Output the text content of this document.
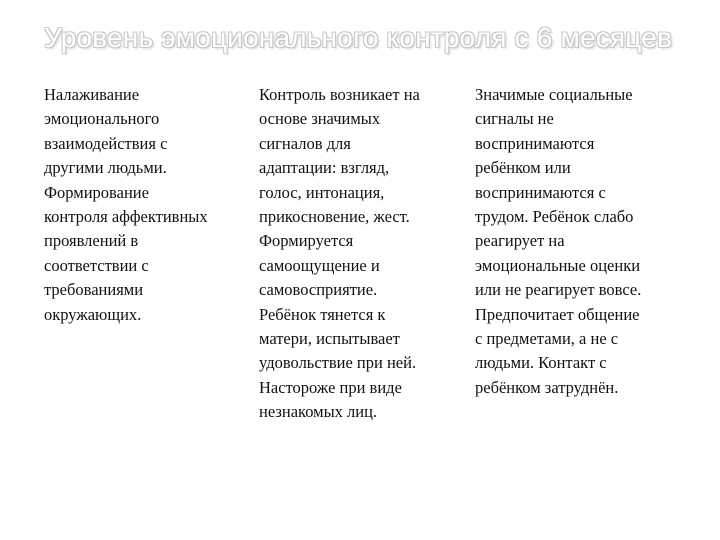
Уровень эмоционального контроля с 6 месяцев
Налаживание
эмоционального
взаимодействия с
другими людьми.
Формирование
контроля аффективных
проявлений в
соответствии с
требованиями
окружающих.
Контроль возникает на
основе значимых
сигналов для
адаптации: взгляд,
голос, интонация,
прикосновение, жест.
Формируется
самоощущение и
самовосприятие.
Ребёнок тянется к
матери, испытывает
удовольствие при ней.
Настороже при виде
незнакомых лиц.
Значимые социальные
сигналы не
воспринимаются
ребёнком или
воспринимаются с
трудом. Ребёнок слабо
реагирует на
эмоциональные оценки
или не реагирует вовсе.
Предпочитает общение
с предметами, а не с
людьми. Контакт с
ребёнком затруднён.
